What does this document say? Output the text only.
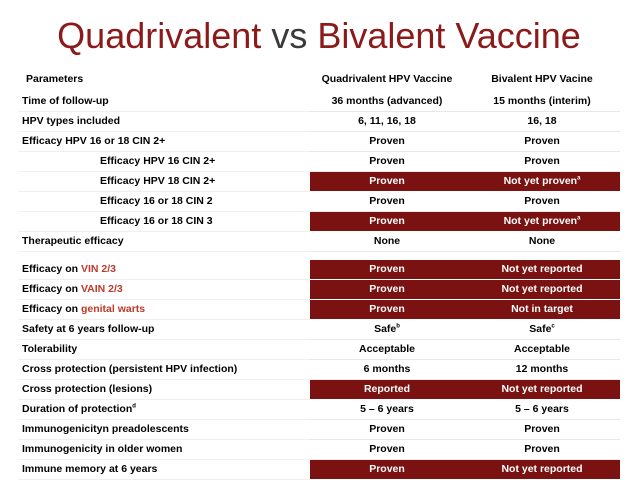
Quadrivalent vs Bivalent Vaccine
Parameters	Quadrivalent HPV Vaccine	Bivalent HPV Vacine
Time of follow-up	36 months (advanced)	15 months (interim)
HPV types included	6, 11, 16, 18	16, 18
Efficacy HPV 16 or 18 CIN 2+	Proven	Proven
Efficacy HPV 16 CIN 2+	Proven	Proven
Efficacy HPV 18 CIN 2+	Proven	Not yet proven$^a$
Efficacy 16 or 18 CIN 2	Proven	Proven
Efficacy 16 or 18 CIN 3	Proven	Not yet proven$^a$
Therapeutic efficacy	None	None

Efficacy on VIN 2/3	Proven	Not yet reported
Efficacy on VAIN 2/3	Proven	Not yet reported
Efficacy on genital warts	Proven	Not in target
Safety at 6 years follow-up	Safe$^b$	Safe$^c$
Tolerability	Acceptable	Acceptable
Cross protection (persistent HPV infection)	6 months	12 months
Cross protection (lesions)	Reported	Not yet reported
Duration of protection$^d$	5 – 6 years	5 – 6 years
Immunogenicityn preadolescents	Proven	Proven
Immunogenicity in older women	Proven	Proven
Immune memory at 6 years	Proven	Not yet reported
